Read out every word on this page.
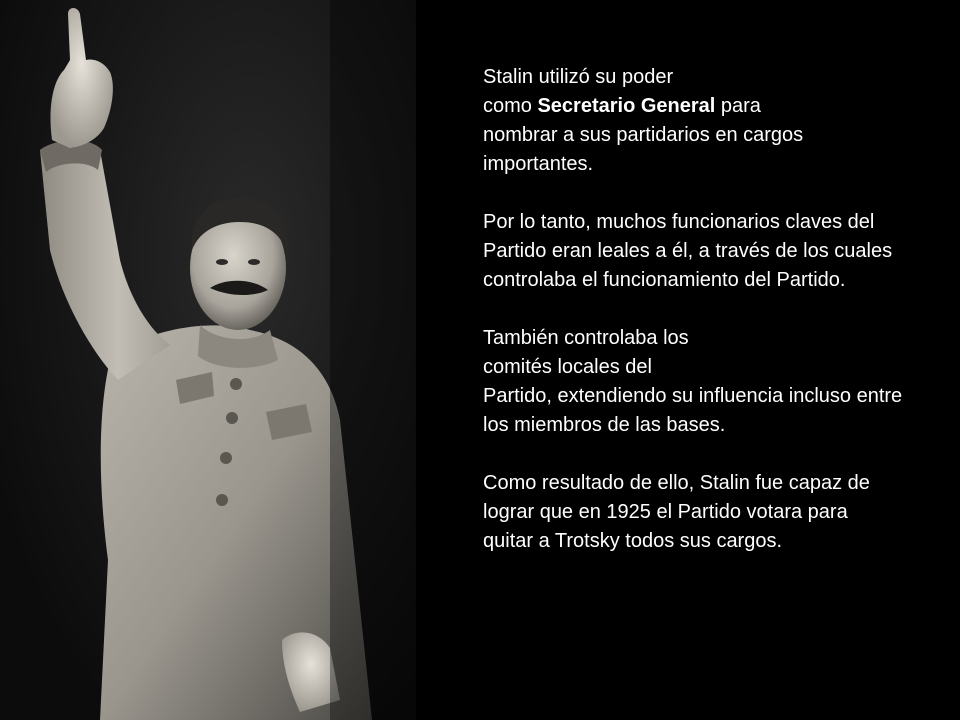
Stalin utilizó su poder
como Secretario General para
nombrar a sus partidarios en cargos importantes.

Por lo tanto, muchos funcionarios claves del Partido eran leales a él, a través de los cuales controlaba el funcionamiento del Partido.

También controlaba los
comités locales del
Partido, extendiendo su influencia incluso entre los miembros de las bases.

Como resultado de ello, Stalin fue capaz de lograr que en 1925 el Partido votara para quitar a Trotsky todos sus cargos.
